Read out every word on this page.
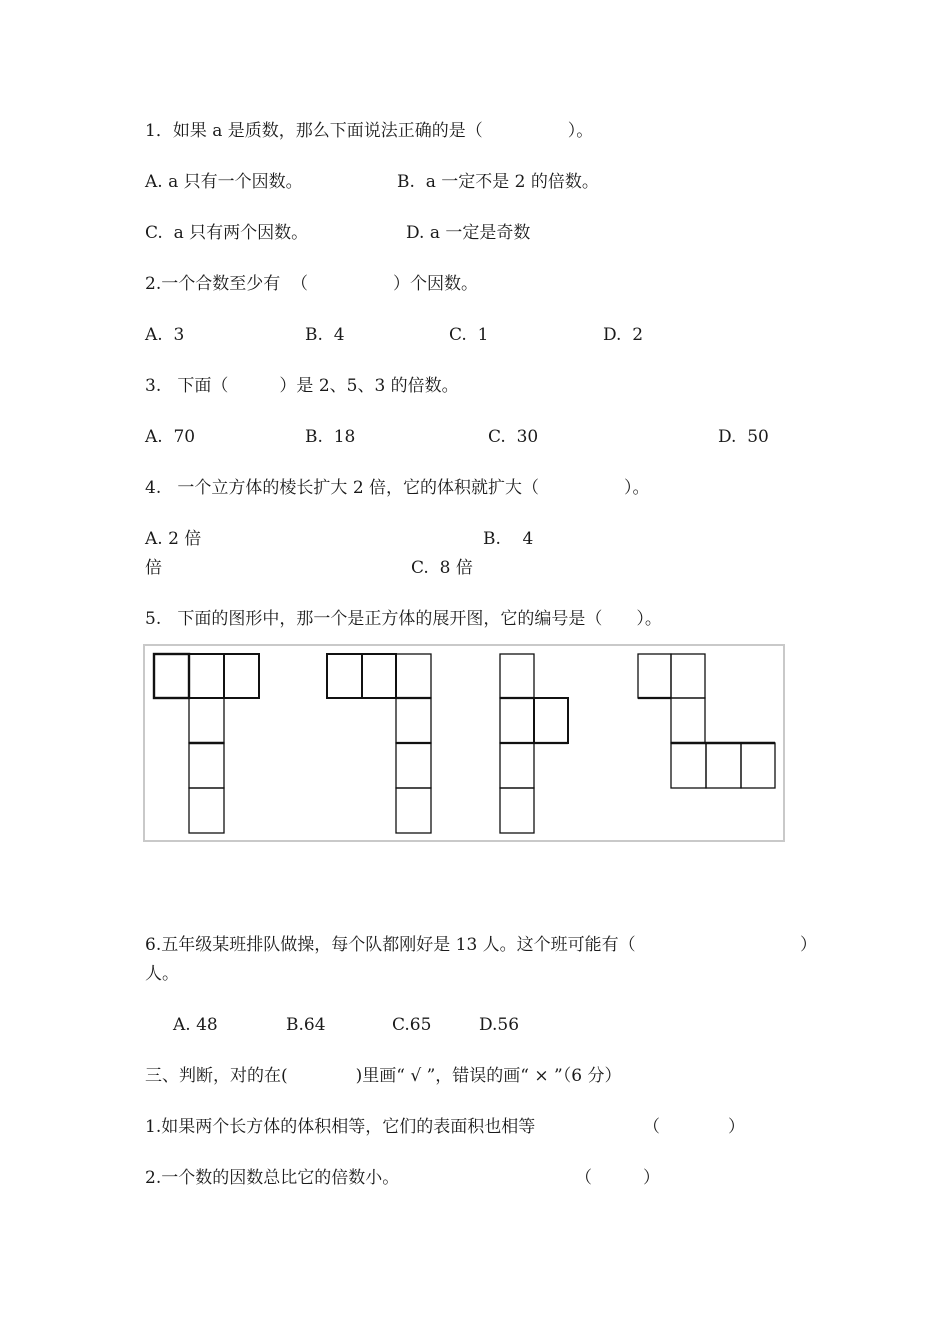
1．如果 a 是质数，那么下面说法正确的是（　　　　　）。
A. a 只有一个因数。	B.  a 一定不是 2 的倍数。
C.  a 只有两个因数。	D. a 一定是奇数
2.一个合数至少有  （　　　　　）个因数。
A.  3	B.  4	C.  1	D.  2
3.   下面（　　　）是 2、5、3 的倍数。
A.  70	B.  18	C.  30	D.  50
4.   一个立方体的棱长扩大 2 倍，它的体积就扩大（　　　　　）。
A. 2 倍	B.    4
倍	C.  8 倍
5.   下面的图形中，那一个是正方体的展开图，它的编号是（　　）。
6.五年级某班排队做操，每个队都刚好是 13 人。这个班可能有（	）
人。
A. 48	B.64	C.65	D.56
三、判断，对的在(　　　　)里画“ √ ”，错误的画“ × ”（6 分）
1.如果两个长方体的体积相等，它们的表面积也相等	（　　　　）
2.一个数的因数总比它的倍数小。	（　　　）
